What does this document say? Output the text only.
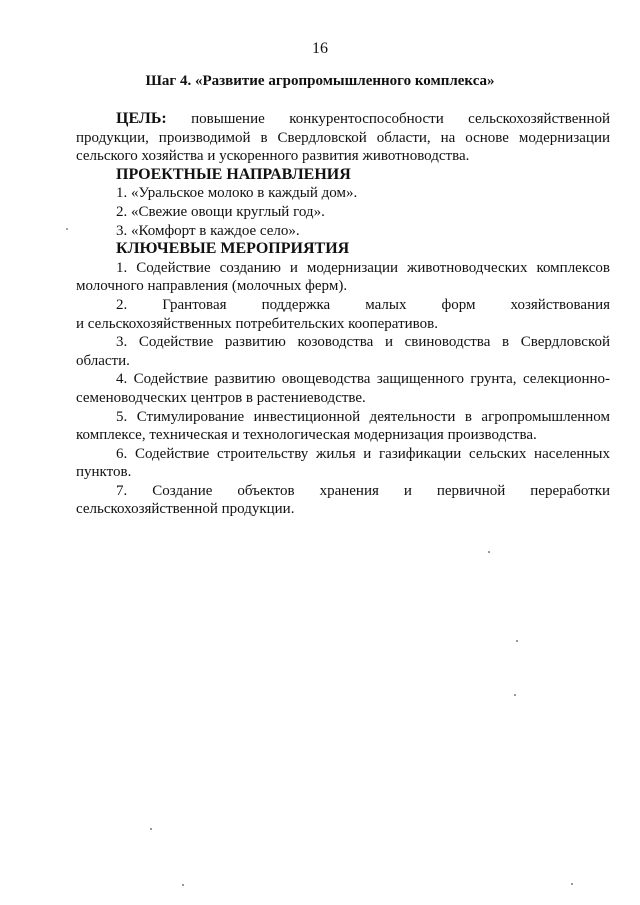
16
Шаг 4. «Развитие агропромышленного комплекса»
ЦЕЛЬ: повышение конкурентоспособности сельскохозяйственной
продукции, производимой в Свердловской области, на основе модернизации
сельского хозяйства и ускоренного развития животноводства.
ПРОЕКТНЫЕ НАПРАВЛЕНИЯ
1. «Уральское молоко в каждый дом».
2. «Свежие овощи круглый год».
3. «Комфорт в каждое село».
КЛЮЧЕВЫЕ МЕРОПРИЯТИЯ
1. Содействие созданию и модернизации животноводческих комплексов
молочного направления (молочных ферм).
2. Грантовая поддержка малых форм хозяйствования
и сельскохозяйственных потребительских кооперативов.
3. Содействие развитию козоводства и свиноводства в Свердловской
области.
4. Содействие развитию овощеводства защищенного грунта, селекционно-
семеноводческих центров в растениеводстве.
5. Стимулирование инвестиционной деятельности в агропромышленном
комплексе, техническая и технологическая модернизация производства.
6. Содействие строительству жилья и газификации сельских населенных
пунктов.
7. Создание объектов хранения и первичной переработки
сельскохозяйственной продукции.
